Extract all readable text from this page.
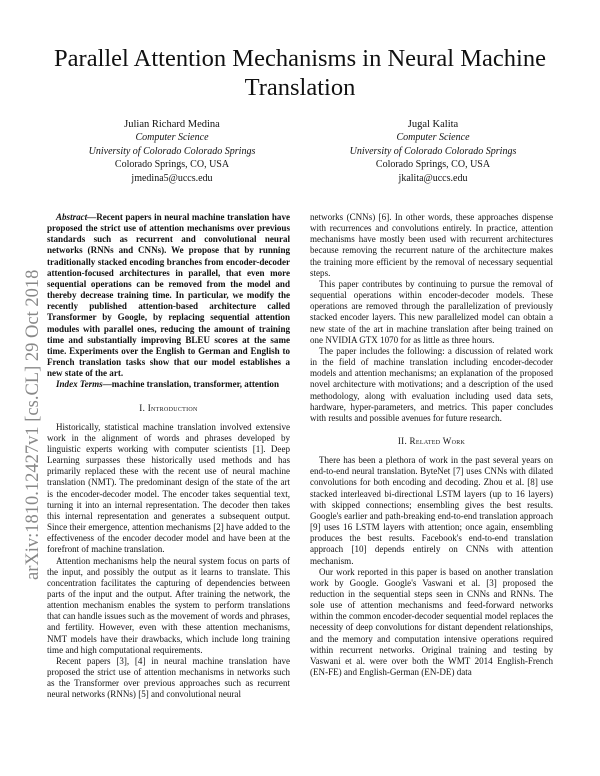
Parallel Attention Mechanisms in Neural Machine Translation
Julian Richard Medina
Computer Science
University of Colorado Colorado Springs
Colorado Springs, CO, USA
jmedina5@uccs.edu
Jugal Kalita
Computer Science
University of Colorado Colorado Springs
Colorado Springs, CO, USA
jkalita@uccs.edu
arXiv:1810.12427v1 [cs.CL] 29 Oct 2018

Abstract—Recent papers in neural machine translation have proposed the strict use of attention mechanisms over previous standards such as recurrent and convolutional neural networks (RNNs and CNNs). We propose that by running traditionally stacked encoding branches from encoder-decoder attention-focused architectures in parallel, that even more sequential operations can be removed from the model and thereby decrease training time. In particular, we modify the recently published attention-based architecture called Transformer by Google, by replacing sequential attention modules with parallel ones, reducing the amount of training time and substantially improving BLEU scores at the same time. Experiments over the English to German and English to French translation tasks show that our model establishes a new state of the art.

Index Terms—machine translation, transformer, attention

I. Introduction

Historically, statistical machine translation involved extensive work in the alignment of words and phrases developed by linguistic experts working with computer scientists [1]. Deep Learning surpasses these historically used methods and has primarily replaced these with the recent use of neural machine translation (NMT). The predominant design of the state of the art is the encoder-decoder model. The encoder takes sequential text, turning it into an internal representation. The decoder then takes this internal representation and generates a subsequent output. Since their emergence, attention mechanisms [2] have added to the effectiveness of the encoder decoder model and have been at the forefront of machine translation.

Attention mechanisms help the neural system focus on parts of the input, and possibly the output as it learns to translate. This concentration facilitates the capturing of dependencies between parts of the input and the output. After training the network, the attention mechanism enables the system to perform translations that can handle issues such as the movement of words and phrases, and fertility. However, even with these attention mechanisms, NMT models have their drawbacks, which include long training time and high computational requirements.

Recent papers [3], [4] in neural machine translation have proposed the strict use of attention mechanisms in networks such as the Transformer over previous approaches such as recurrent neural networks (RNNs) [5] and convolutional neural

networks (CNNs) [6]. In other words, these approaches dispense with recurrences and convolutions entirely. In practice, attention mechanisms have mostly been used with recurrent architectures because removing the recurrent nature of the architecture makes the training more efficient by the removal of necessary sequential steps.

This paper contributes by continuing to pursue the removal of sequential operations within encoder-decoder models. These operations are removed through the parallelization of previously stacked encoder layers. This new parallelized model can obtain a new state of the art in machine translation after being trained on one NVIDIA GTX 1070 for as little as three hours.

The paper includes the following: a discussion of related work in the field of machine translation including encoder-decoder models and attention mechanisms; an explanation of the proposed novel architecture with motivations; and a description of the used methodology, along with evaluation including used data sets, hardware, hyper-parameters, and metrics. This paper concludes with results and possible avenues for future research.

II. Related Work

There has been a plethora of work in the past several years on end-to-end neural translation. ByteNet [7] uses CNNs with dilated convolutions for both encoding and decoding. Zhou et al. [8] use stacked interleaved bi-directional LSTM layers (up to 16 layers) with skipped connections; ensembling gives the best results. Google's earlier and path-breaking end-to-end translation approach [9] uses 16 LSTM layers with attention; once again, ensembling produces the best results. Facebook's end-to-end translation approach [10] depends entirely on CNNs with attention mechanism.

Our work reported in this paper is based on another translation work by Google. Google's Vaswani et al. [3] proposed the reduction in the sequential steps seen in CNNs and RNNs. The sole use of attention mechanisms and feed-forward networks within the common encoder-decoder sequential model replaces the necessity of deep convolutions for distant dependent relationships, and the memory and computation intensive operations required within recurrent networks. Original training and testing by Vaswani et al. were over both the WMT 2014 English-French (EN-FE) and English-German (EN-DE) data
